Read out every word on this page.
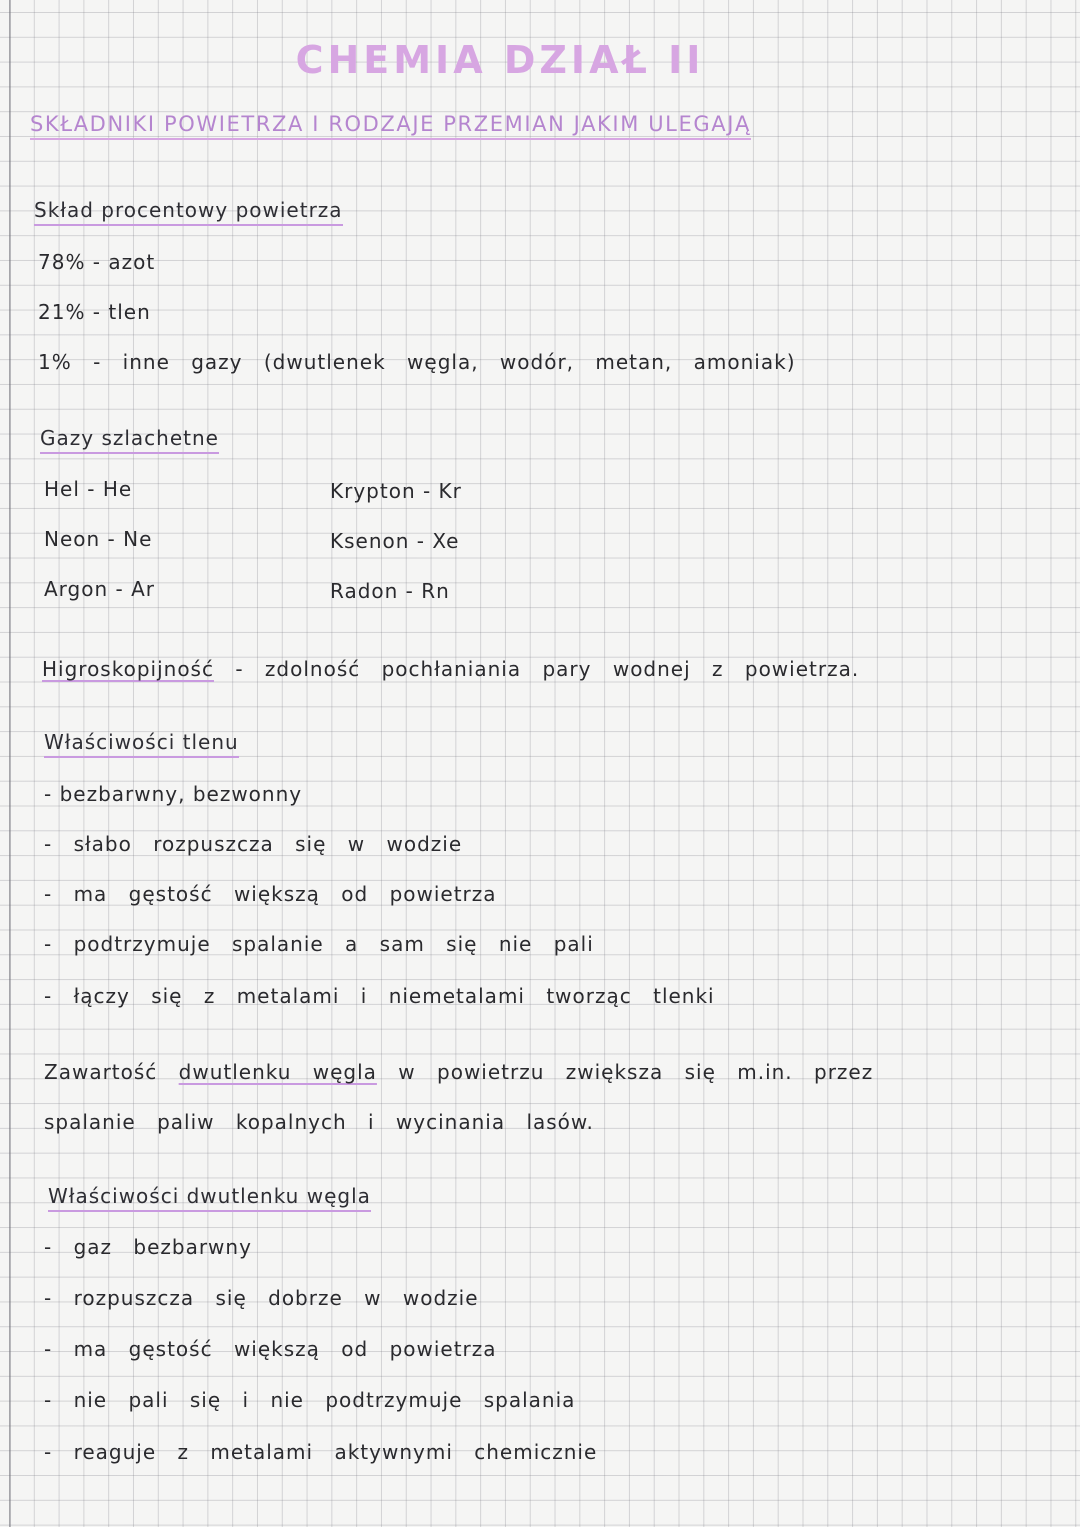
CHEMIA DZIAŁ II
SKŁADNIKI POWIETRZA I RODZAJE PRZEMIAN JAKIM ULEGAJĄ
Skład procentowy powietrza
78% - azot
21% - tlen
1% - inne gazy (dwutlenek węgla, wodór, metan, amoniak)
Gazy szlachetne
Hel - He
Neon - Ne
Argon - Ar
Krypton - Kr
Ksenon - Xe
Radon - Rn
Higroskopijność - zdolność pochłaniania pary wodnej z powietrza.
Właściwości tlenu
- bezbarwny, bezwonny
- słabo rozpuszcza się w wodzie
- ma gęstość większą od powietrza
- podtrzymuje spalanie a sam się nie pali
- łączy się z metalami i niemetalami tworząc tlenki
Zawartość dwutlenku węgla w powietrzu zwiększa się m.in. przez
spalanie paliw kopalnych i wycinania lasów.
Właściwości dwutlenku węgla
- gaz bezbarwny
- rozpuszcza się dobrze w wodzie
- ma gęstość większą od powietrza
- nie pali się i nie podtrzymuje spalania
- reaguje z metalami aktywnymi chemicznie
